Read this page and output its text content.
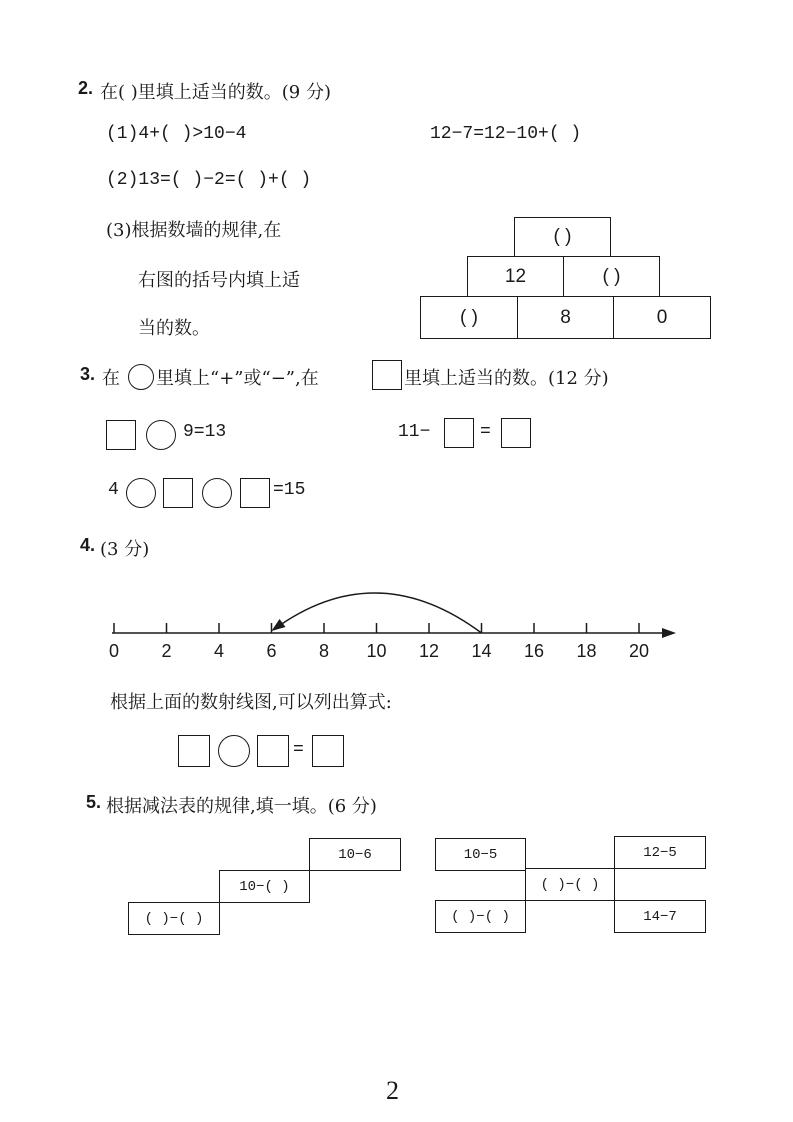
2. 在( )里填上适当的数。(9 分)
(1)4+( )>10−4	12−7=12−10+( )
(2)13=( )−2=( )+( )
(3)根据数墙的规律,在
右图的括号内填上适
当的数。
( )
12	( )
( )	8	0
3. 在 里填上“+”或“−”,在	里填上适当的数。(12 分)
9=13	11−	=
4	=15
4. (3 分)
0 2 4 6 8 10 12 14 16 18 20
根据上面的数射线图,可以列出算式:
=
5. 根据减法表的规律,填一填。(6 分)
10−6
10−( )
( )−( )
10−5	12−5
( )−( )
( )−( )	14−7
2
